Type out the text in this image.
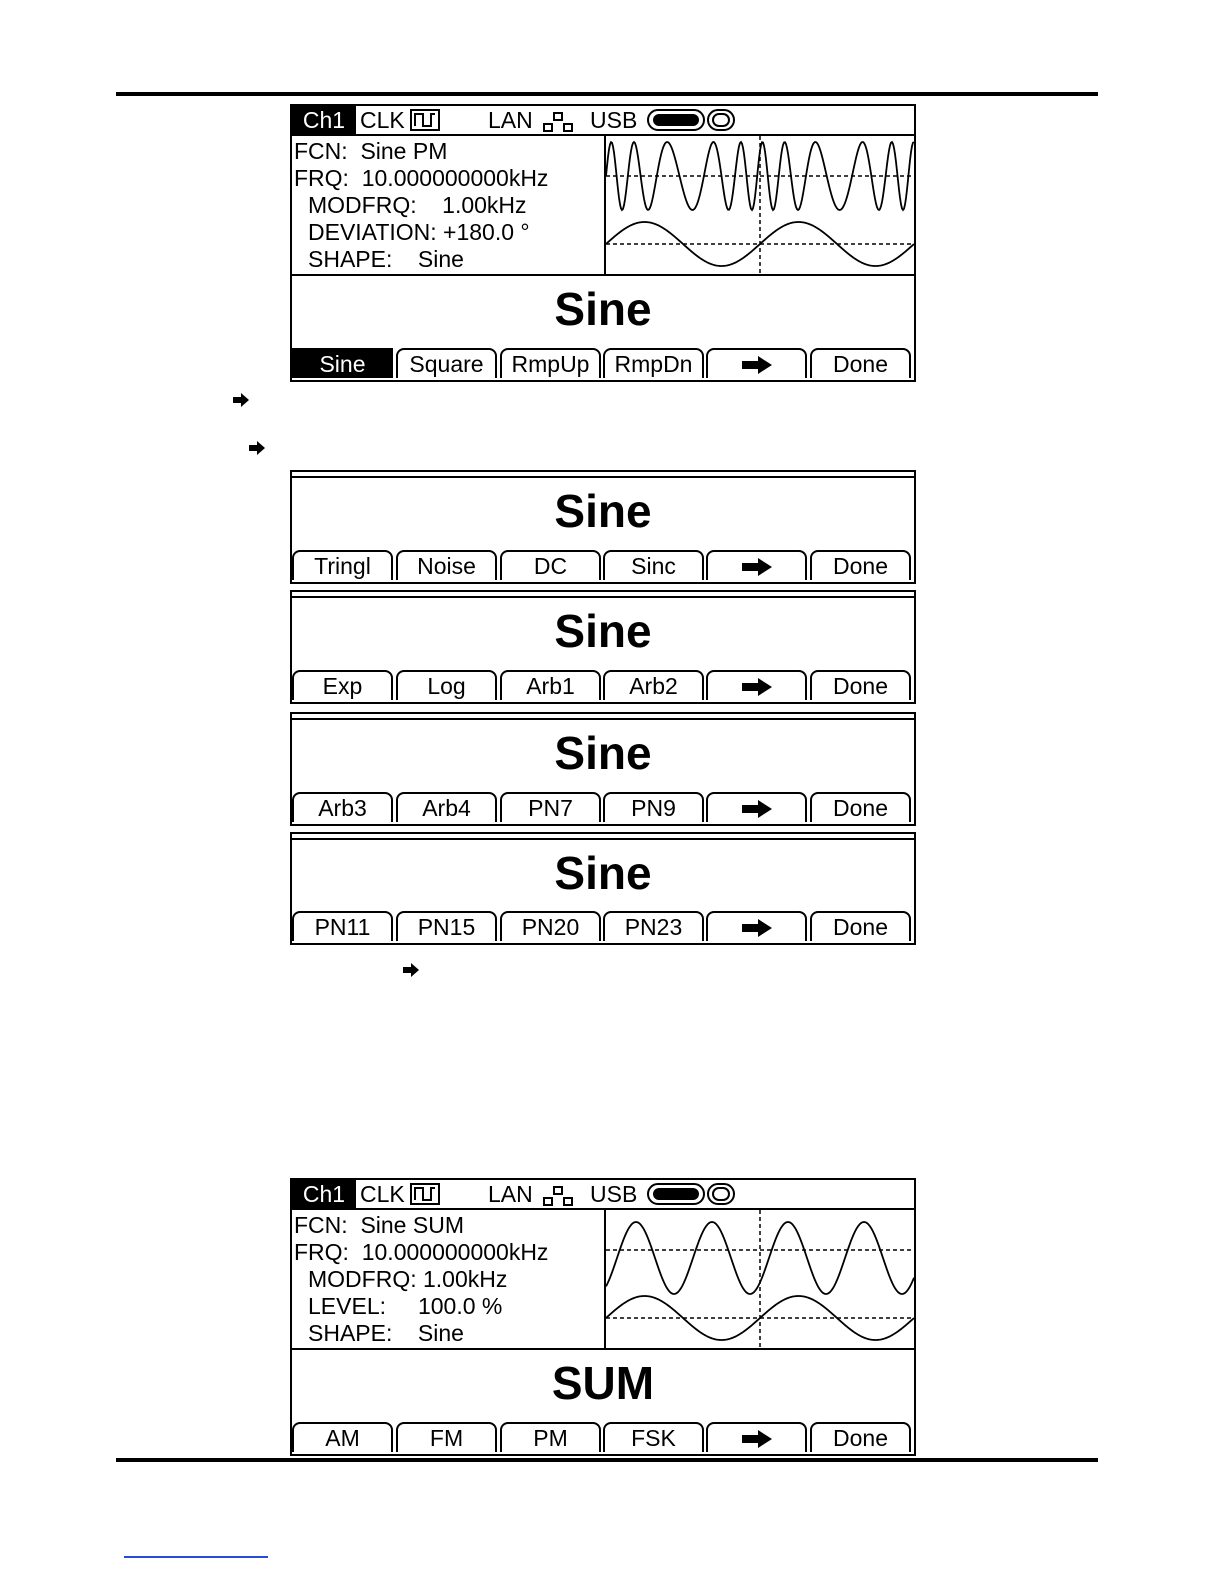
Ch1 CLK	LAN USB
FCN:  Sine PM
FRQ:  10.000000000kHz
MODFRQ:    1.00kHz
DEVIATION: +180.0 °
SHAPE:    Sine
Sine
Sine	Square	RmpUp	RmpDn	Done
Sine
Tringl	Noise	DC	Sinc	Done
Sine
Exp	Log	Arb1	Arb2	Done
Sine
Arb3	Arb4	PN7	PN9	Done
Sine
PN11	PN15	PN20	PN23	Done
Ch1 CLK	LAN USB
FCN:  Sine SUM
FRQ:  10.000000000kHz
MODFRQ: 1.00kHz
LEVEL:     100.0 %
SHAPE:    Sine
SUM
AM	FM	PM	FSK	Done
